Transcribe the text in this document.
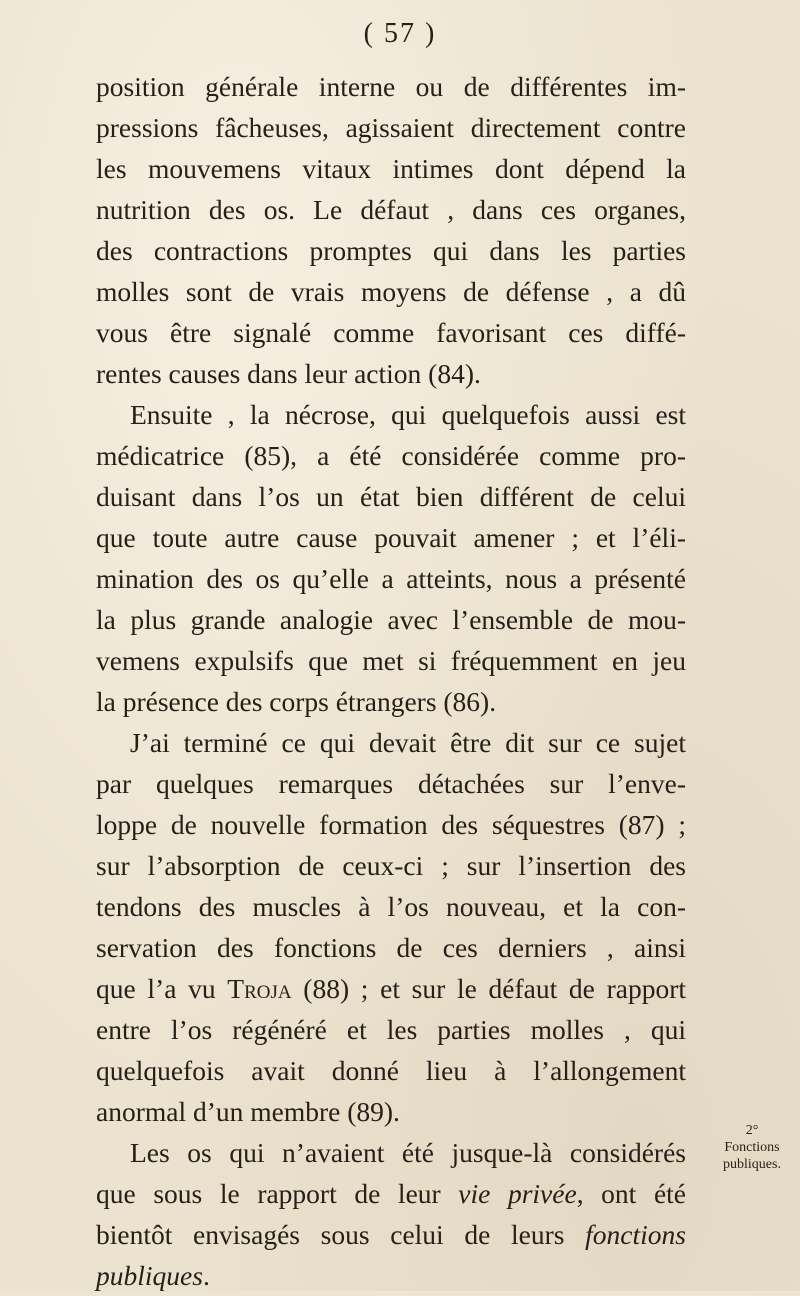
( 57 )
position générale interne ou de différentes im-
pressions fâcheuses, agissaient directement contre
les mouvemens vitaux intimes dont dépend la
nutrition des os. Le défaut , dans ces organes,
des contractions promptes qui dans les parties
molles sont de vrais moyens de défense , a dû
vous être signalé comme favorisant ces diffé-
rentes causes dans leur action (84).
Ensuite , la nécrose, qui quelquefois aussi est
médicatrice (85), a été considérée comme pro-
duisant dans l’os un état bien différent de celui
que toute autre cause pouvait amener ; et l’éli-
mination des os qu’elle a atteints, nous a présenté
la plus grande analogie avec l’ensemble de mou-
vemens expulsifs que met si fréquemment en jeu
la présence des corps étrangers (86).
J’ai terminé ce qui devait être dit sur ce sujet
par quelques remarques détachées sur l’enve-
loppe de nouvelle formation des séquestres (87) ;
sur l’absorption de ceux-ci ; sur l’insertion des
tendons des muscles à l’os nouveau, et la con-
servation des fonctions de ces derniers , ainsi
que l’a vu Troja (88) ; et sur le défaut de rapport
entre l’os régénéré et les parties molles , qui
quelquefois avait donné lieu à l’allongement
anormal d’un membre (89).
Les os qui n’avaient été jusque-là considérés
que sous le rapport de leur vie privée, ont été
bientôt envisagés sous celui de leurs fonctions
publiques.
2°
Fonctions
publiques.
